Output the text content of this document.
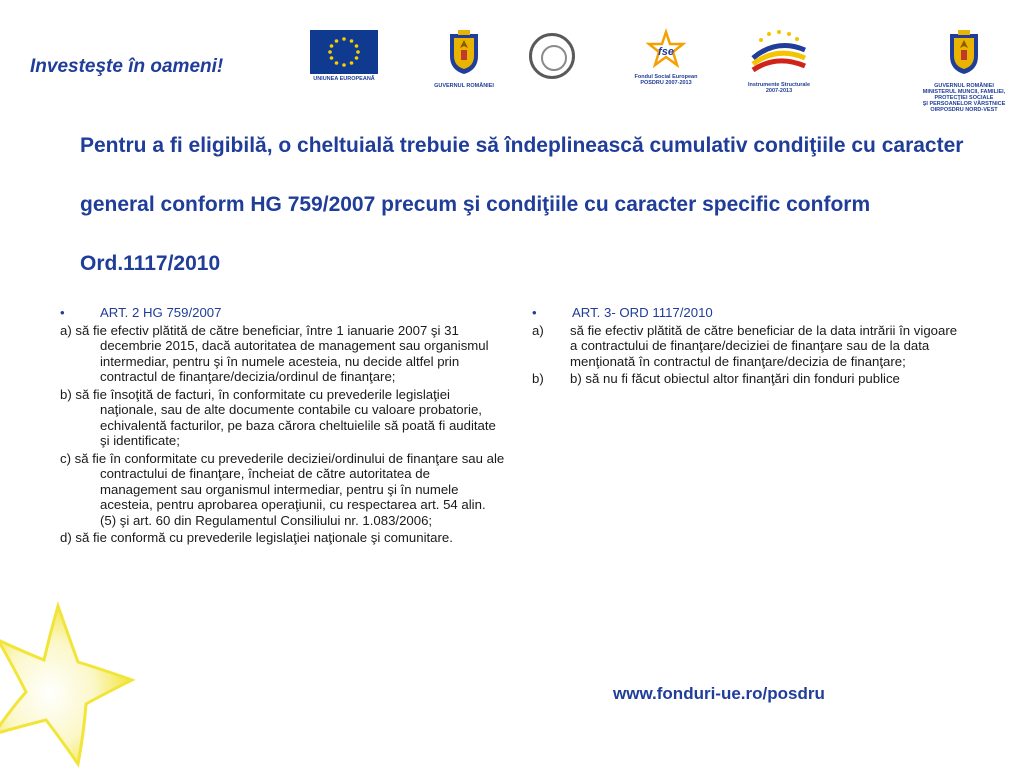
Investeşte în oameni!
UNIUNEA EUROPEANĂ
GUVERNUL ROMÂNIEI
fse
Fondul Social European
POSDRU 2007-2013	Instrumente Structurale
2007-2013
GUVERNUL ROMÂNIEI
MINISTERUL MUNCII, FAMILIEI,
PROTECŢIEI SOCIALE
ŞI PERSOANELOR VÂRSTNICE
OIRPOSDRU NORD-VEST
Pentru a fi eligibilă, o cheltuială trebuie să îndeplinească cumulativ condiţiile cu caracter general conform HG 759/2007 precum şi condiţiile cu caracter specific conform Ord.1117/2010
•	ART. 2 HG 759/2007

a) să fie efectiv plătită de către beneficiar, între 1 ianuarie 2007 şi 31 decembrie 2015, dacă autoritatea de management sau organismul intermediar, pentru şi în numele acesteia, nu decide altfel prin contractul de finanţare/decizia/ordinul de finanţare;

b) să fie însoţită de facturi, în conformitate cu prevederile legislaţiei naţionale, sau de alte documente contabile cu valoare probatorie, echivalentă facturilor, pe baza cărora cheltuielile să poată fi auditate şi identificate;

c) să fie în conformitate cu prevederile deciziei/ordinului de finanţare sau ale contractului de finanţare, încheiat de către autoritatea de management sau organismul intermediar, pentru şi în numele acesteia, pentru aprobarea operaţiunii, cu respectarea art. 54 alin. (5) şi art. 60 din Regulamentul Consiliului nr. 1.083/2006;

d) să fie conformă cu prevederile legislaţiei naţionale şi comunitare.

•	ART. 3- ORD 1117/2010
a) să fie efectiv plătită de către beneficiar de la data intrării în vigoare a contractului de finanţare/deciziei de finanţare sau de la data menţionată în contractul de finanţare/decizia de finanţare;
b) b) să nu fi făcut obiectul altor finanţări din fonduri publice
www.fonduri-ue.ro/posdru
